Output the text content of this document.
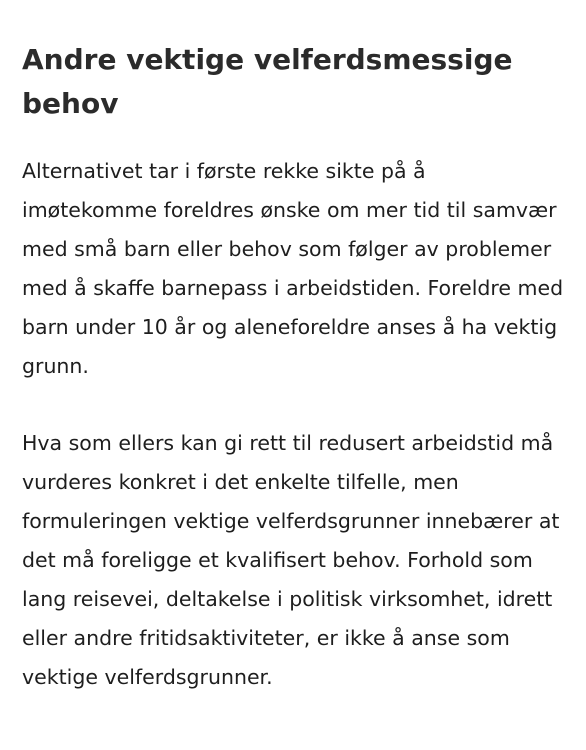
Andre vektige velferdsmessige behov

Alternativet tar i første rekke sikte på å imøtekomme foreldres ønske om mer tid til samvær med små barn eller behov som følger av problemer med å skaffe barnepass i arbeidstiden. Foreldre med barn under 10 år og aleneforeldre anses å ha vektig grunn.

Hva som ellers kan gi rett til redusert arbeidstid må vurderes konkret i det enkelte tilfelle, men formuleringen vektige velferdsgrunner innebærer at det må foreligge et kvalifisert behov. Forhold som lang reisevei, deltakelse i politisk virksomhet, idrett eller andre fritidsaktiviteter, er ikke å anse som vektige velferdsgrunner.
